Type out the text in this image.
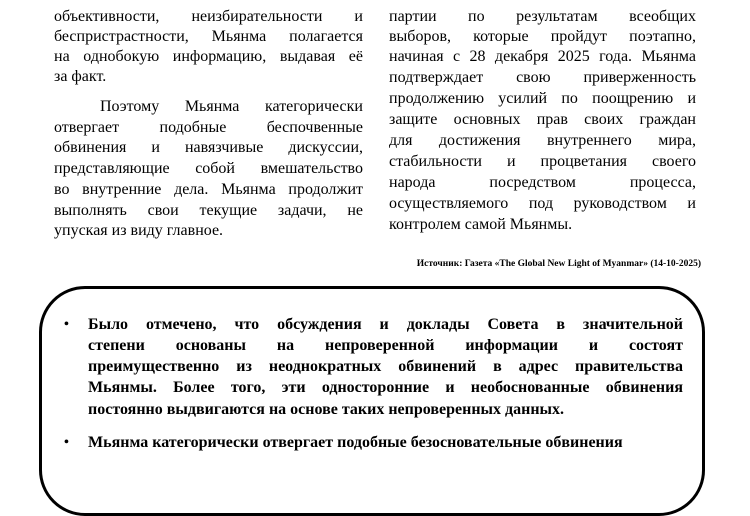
объективности, неизбирательности и

беспристрастности, Мьянма полагается

на однобокую информацию, выдавая её

за факт.

Поэтому Мьянма категорически

отвергает подобные беспочвенные

обвинения и навязчивые дискуссии,

представляющие собой вмешательство

во внутренние дела. Мьянма продолжит

выполнять свои текущие задачи, не

упуская из виду главное.

партии по результатам всеобщих

выборов, которые пройдут поэтапно,

начиная с 28 декабря 2025 года. Мьянма

подтверждает свою приверженность

продолжению усилий по поощрению и

защите основных прав своих граждан

для достижения внутреннего мира,

стабильности и процветания своего

народа посредством процесса,

осуществляемого под руководством и

контролем самой Мьянмы.

Источник: Газета «The Global New Light of Myanmar» (14-10-2025)
• Было отмечено, что обсуждения и доклады Совета в значительной
степени основаны на непроверенной информации и состоят
преимущественно из неоднократных обвинений в адрес правительства
Мьянмы. Более того, эти односторонние и необоснованные обвинения
постоянно выдвигаются на основе таких непроверенных данных.
• Мьянма категорически отвергает подобные безосновательные обвинения
